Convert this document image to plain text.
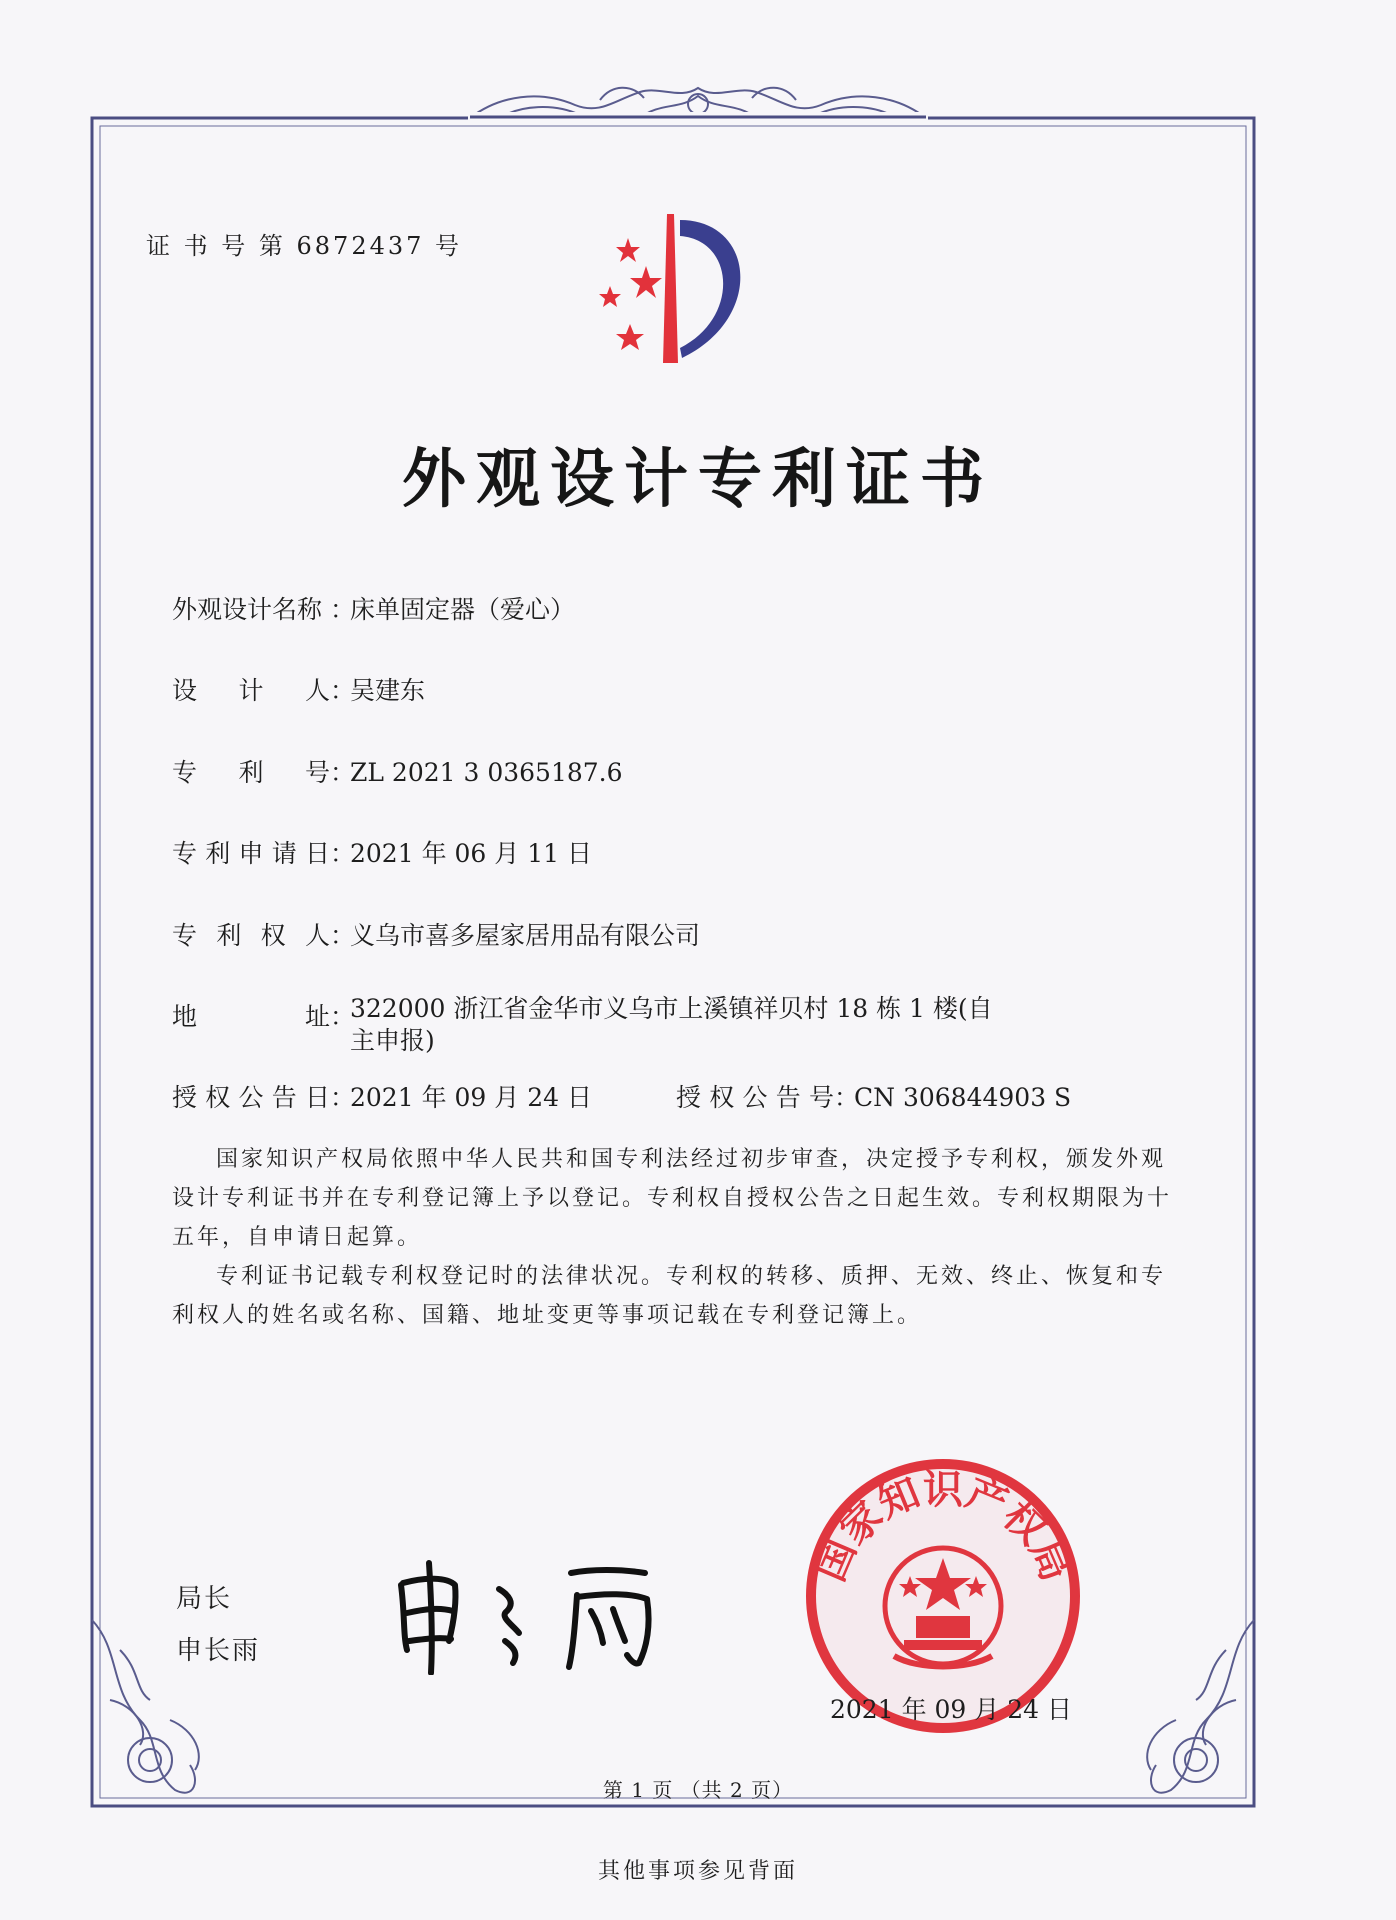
证 书 号 第 6872437 号
外观设计专利证书
外观设计名称 ：床单固定器（爱心）
设计人：吴建东
专利号：ZL 2021 3 0365187.6
专利申请日：2021 年 06 月 11 日
专利权人：义乌市喜多屋家居用品有限公司
地址：322000 浙江省金华市义乌市上溪镇祥贝村 18 栋 1 楼(自主申报)
授权公告日：2021 年 09 月 24 日	授权公告号：CN 306844903 S
国家知识产权局依照中华人民共和国专利法经过初步审查，决定授予专利权，颁发外观设计专利证书并在专利登记簿上予以登记。专利权自授权公告之日起生效。专利权期限为十五年，自申请日起算。
专利证书记载专利权登记时的法律状况。专利权的转移、质押、无效、终止、恢复和专利权人的姓名或名称、国籍、地址变更等事项记载在专利登记簿上。
局长
申长雨
国家知识产权局
2021 年 09 月 24 日
第 1 页 （共 2 页）
其他事项参见背面
